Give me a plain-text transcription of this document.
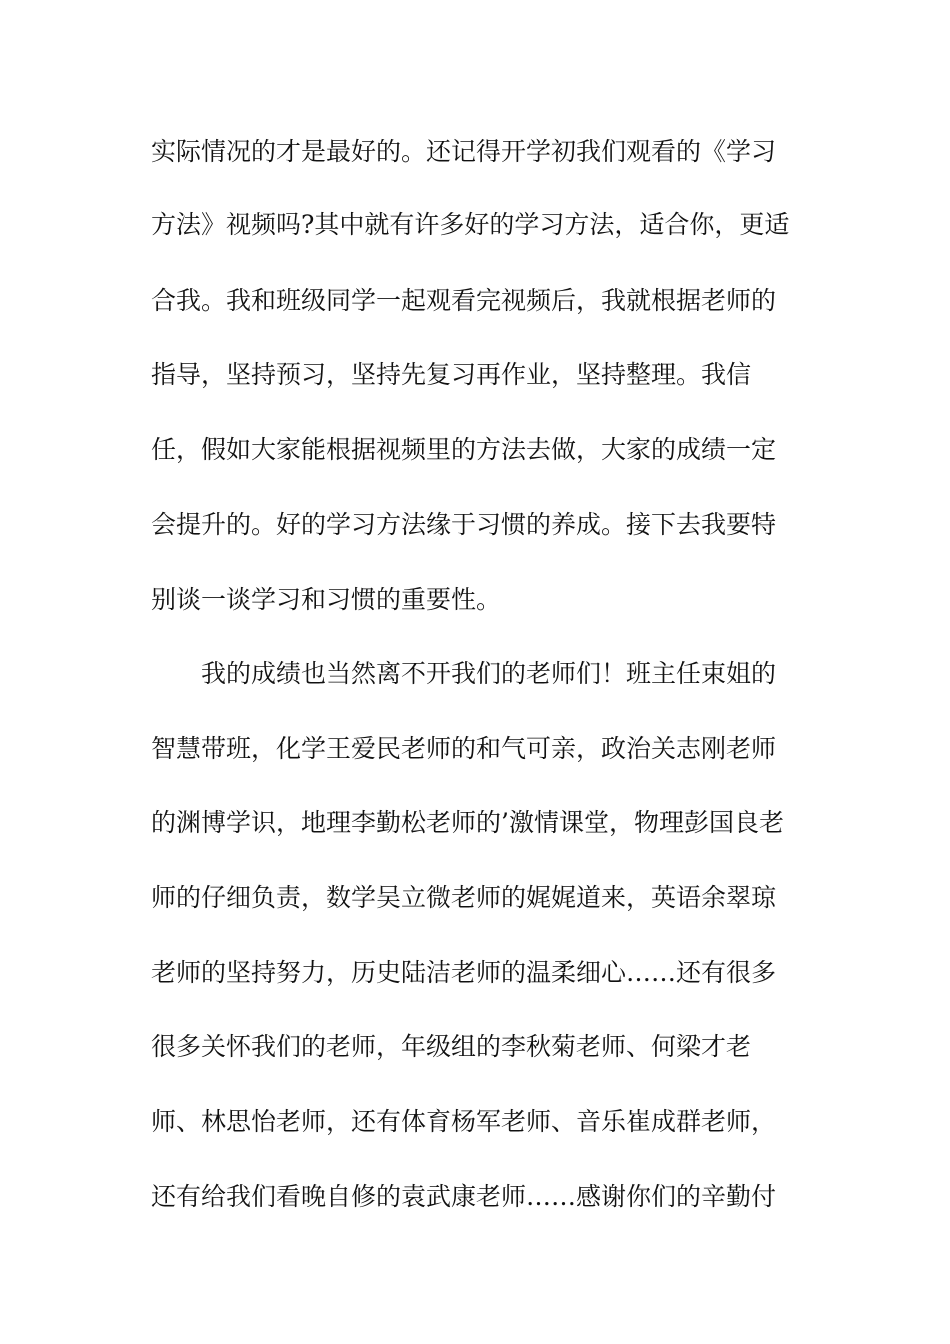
实际情况的才是最好的。还记得开学初我们观看的《学习
方法》视频吗?其中就有许多好的学习方法，适合你，更适
合我。我和班级同学一起观看完视频后，我就根据老师的
指导，坚持预习，坚持先复习再作业，坚持整理。我信
任，假如大家能根据视频里的方法去做，大家的成绩一定
会提升的。好的学习方法缘于习惯的养成。接下去我要特
别谈一谈学习和习惯的重要性。
我的成绩也当然离不开我们的老师们！班主任束姐的
智慧带班，化学王爱民老师的和气可亲，政治关志刚老师
的渊博学识，地理李勤松老师的’激情课堂，物理彭国良老
师的仔细负责，数学吴立微老师的娓娓道来，英语余翠琼
老师的坚持努力，历史陆洁老师的温柔细心……还有很多
很多关怀我们的老师，年级组的李秋菊老师、何梁才老
师、林思怡老师，还有体育杨军老师、音乐崔成群老师，
还有给我们看晚自修的袁武康老师……感谢你们的辛勤付
